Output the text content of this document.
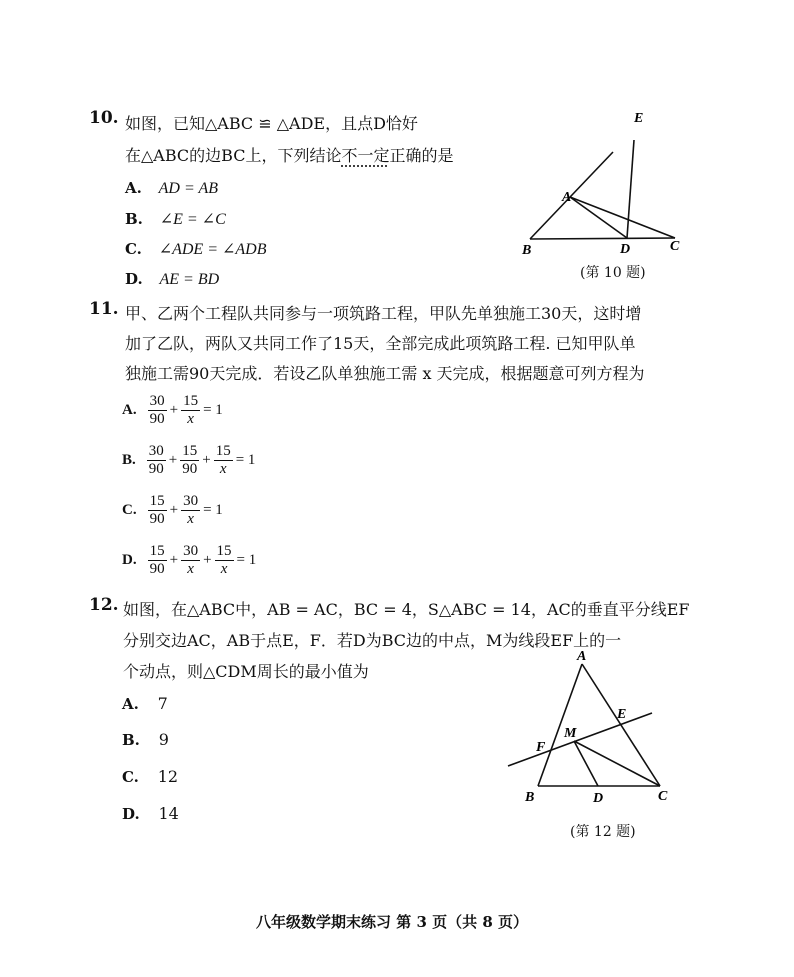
10. 如图，已知△ABC ≌ △ADE，且点D恰好
在△ABC的边BC上，下列结论不一定正确的是
A. AD = AB
B. ∠E = ∠C
C. ∠ADE = ∠ADB
D. AE = BD
E
A
B	D	C
(第 10 题)
11. 甲、乙两个工程队共同参与一项筑路工程，甲队先单独施工30天，这时增
加了乙队，两队又共同工作了15天，全部完成此项筑路工程. 已知甲队单
独施工需90天完成．若设乙队单独施工需 x 天完成，根据题意可列方程为
A. $\frac{30}{90} + \frac{15}{x} = 1$
B. $\frac{30}{90} + \frac{15}{90} + \frac{15}{x} = 1$
C. $\frac{15}{90} + \frac{30}{x} = 1$
D. $\frac{15}{90} + \frac{30}{x} + \frac{15}{x} = 1$
12. 如图，在△ABC中，AB = AC，BC = 4，S△ABC = 14，AC的垂直平分线EF
分别交边AC，AB于点E，F．若D为BC边的中点，M为线段EF上的一
个动点，则△CDM周长的最小值为
A. 7
B. 9
C. 12
D. 14
A
E
M
F
B	D	C
(第 12 题)
八年级数学期末练习 第 3 页（共 8 页）
